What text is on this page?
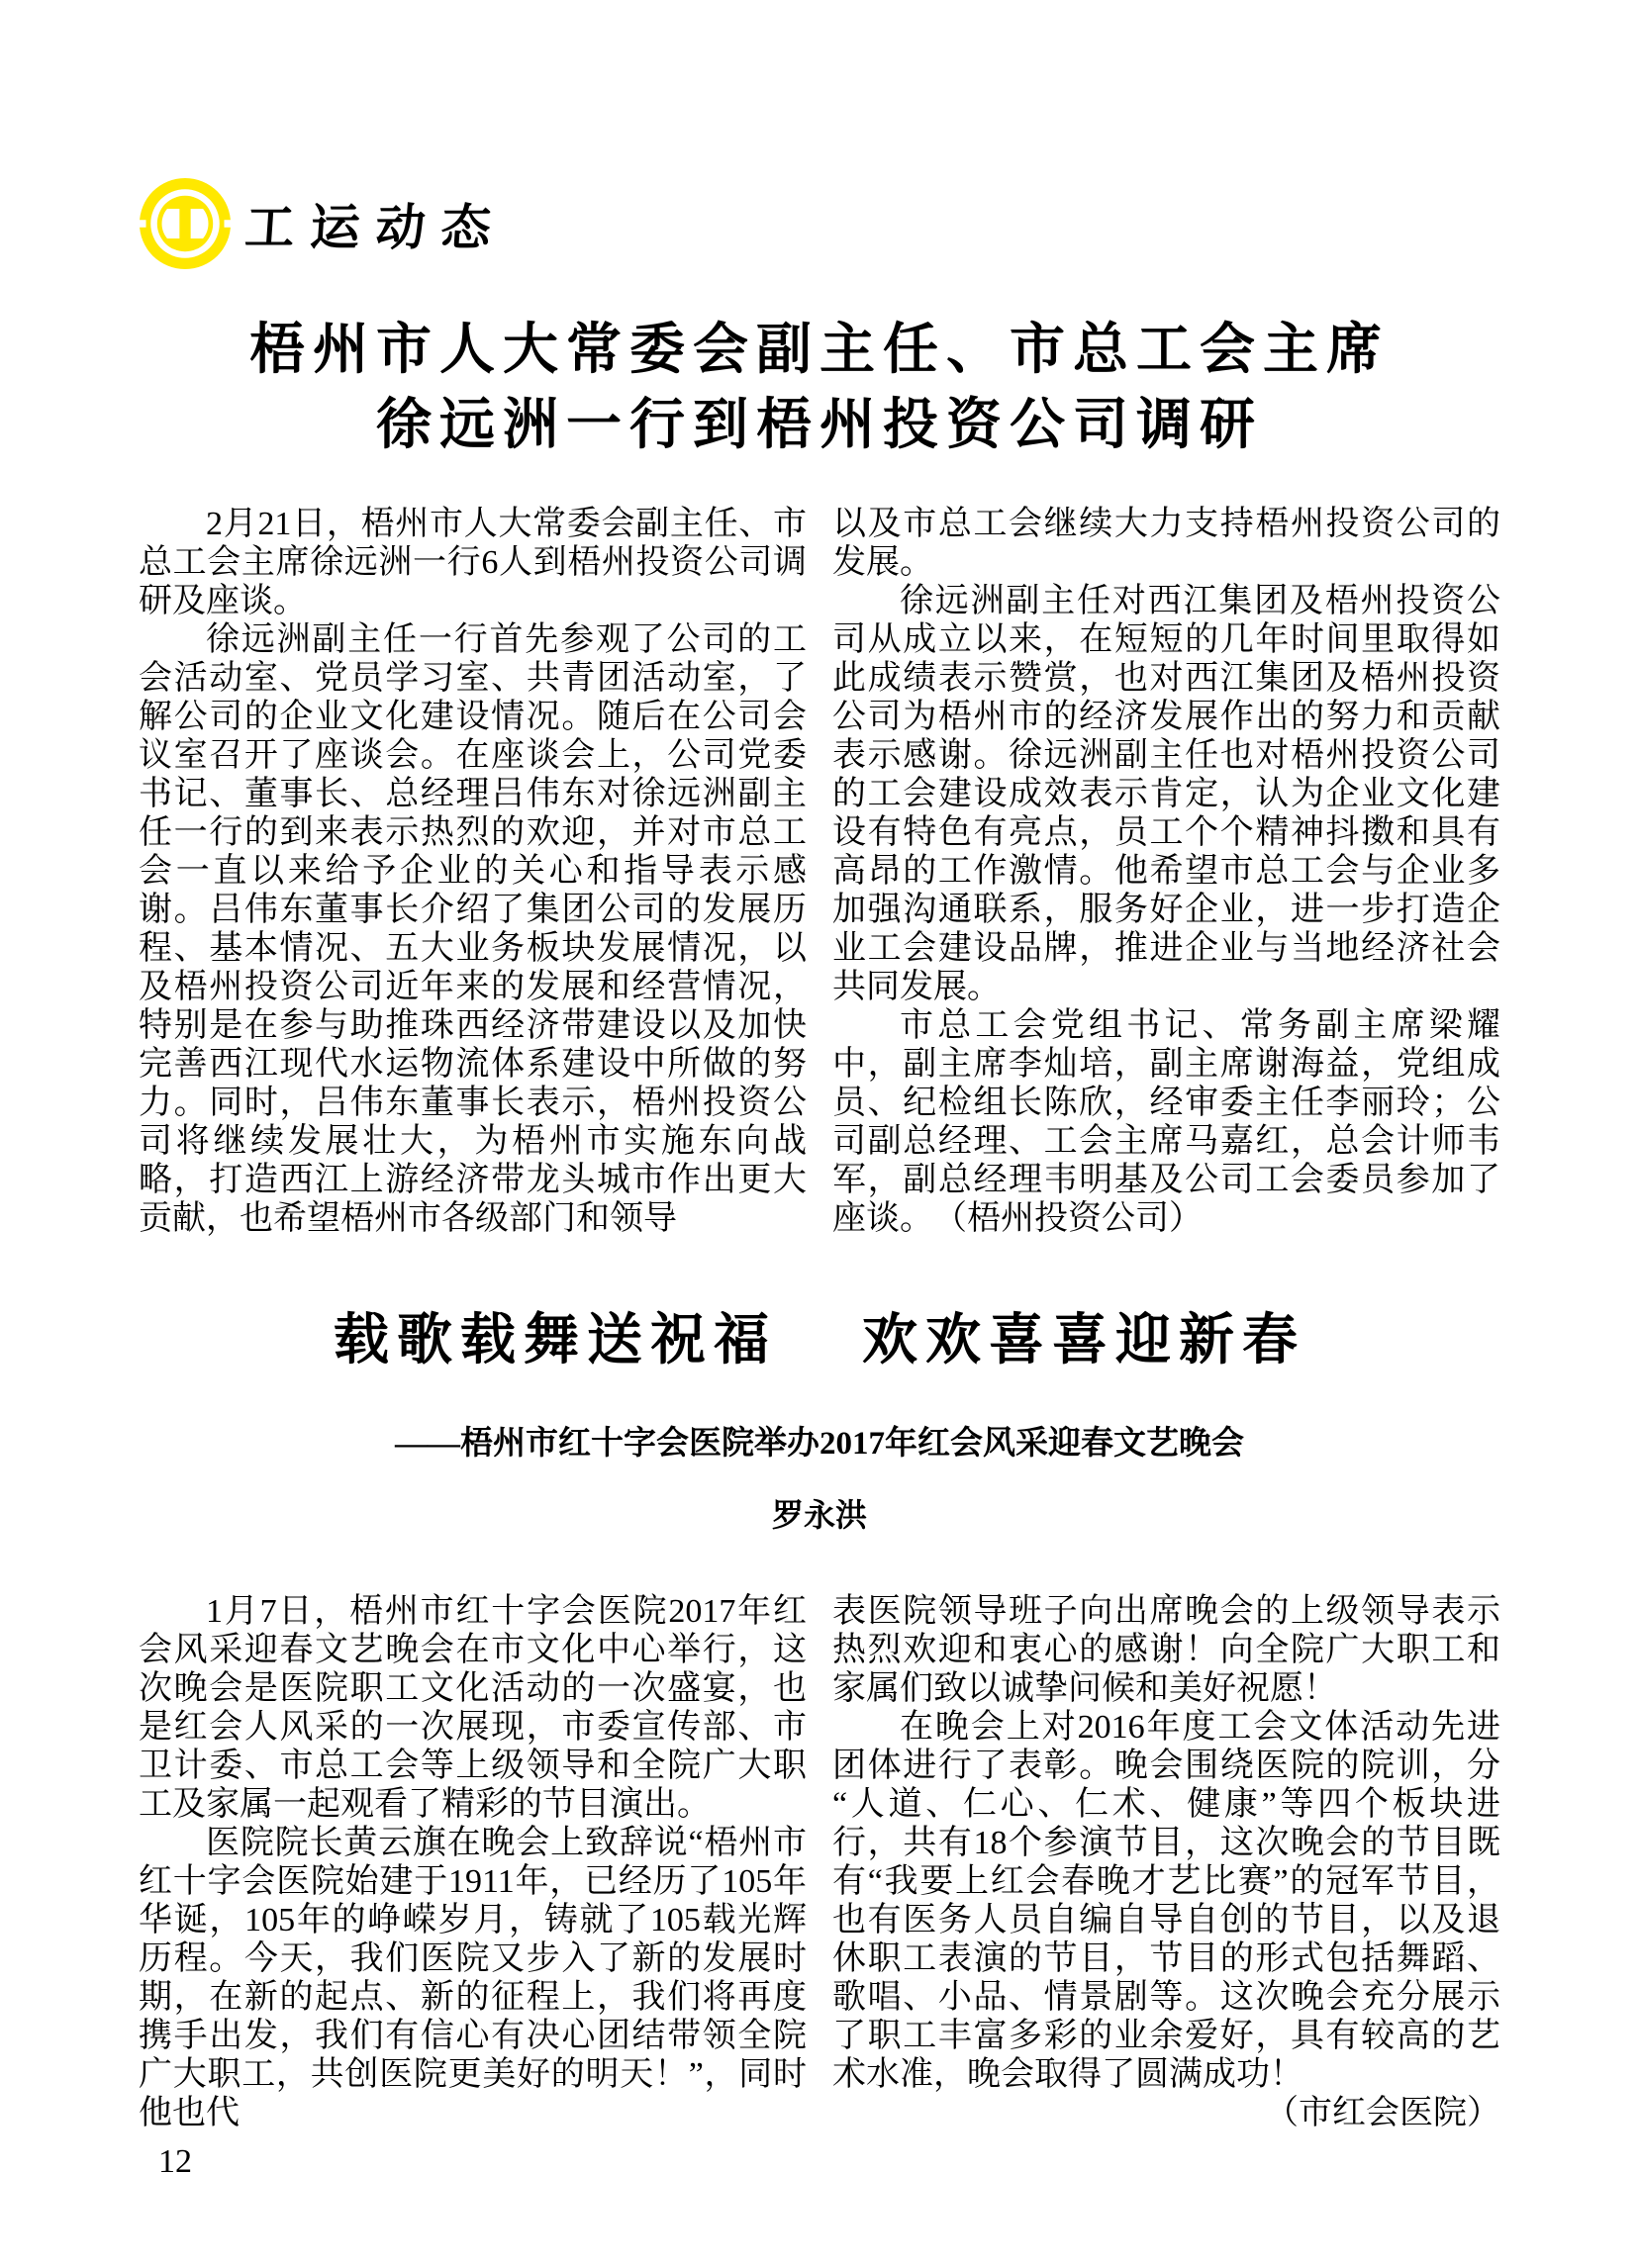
工运动态
梧州市人大常委会副主任、市总工会主席
徐远洲一行到梧州投资公司调研

2月21日，梧州市人大常委会副主任、市总工会主席徐远洲一行6人到梧州投资公司调研及座谈。

徐远洲副主任一行首先参观了公司的工会活动室、党员学习室、共青团活动室，了解公司的企业文化建设情况。随后在公司会议室召开了座谈会。在座谈会上，公司党委书记、董事长、总经理吕伟东对徐远洲副主任一行的到来表示热烈的欢迎，并对市总工会一直以来给予企业的关心和指导表示感谢。吕伟东董事长介绍了集团公司的发展历程、基本情况、五大业务板块发展情况，以及梧州投资公司近年来的发展和经营情况，特别是在参与助推珠西经济带建设以及加快完善西江现代水运物流体系建设中所做的努力。同时，吕伟东董事长表示，梧州投资公司将继续发展壮大，为梧州市实施东向战略，打造西江上游经济带龙头城市作出更大贡献，也希望梧州市各级部门和领导

以及市总工会继续大力支持梧州投资公司的发展。

徐远洲副主任对西江集团及梧州投资公司从成立以来，在短短的几年时间里取得如此成绩表示赞赏，也对西江集团及梧州投资公司为梧州市的经济发展作出的努力和贡献表示感谢。徐远洲副主任也对梧州投资公司的工会建设成效表示肯定，认为企业文化建设有特色有亮点，员工个个精神抖擞和具有高昂的工作激情。他希望市总工会与企业多加强沟通联系，服务好企业，进一步打造企业工会建设品牌，推进企业与当地经济社会共同发展。

市总工会党组书记、常务副主席梁耀中，副主席李灿培，副主席谢海益，党组成员、纪检组长陈欣，经审委主任李丽玲；公司副总经理、工会主席马嘉红，总会计师韦军，副总经理韦明基及公司工会委员参加了座谈。　（梧州投资公司）

载歌载舞送祝福　 欢欢喜喜迎新春
——梧州市红十字会医院举办2017年红会风采迎春文艺晚会
罗永洪

1月7日，梧州市红十字会医院2017年红会风采迎春文艺晚会在市文化中心举行，这次晚会是医院职工文化活动的一次盛宴，也是红会人风采的一次展现，市委宣传部、市卫计委、市总工会等上级领导和全院广大职工及家属一起观看了精彩的节目演出。

医院院长黄云旗在晚会上致辞说“梧州市红十字会医院始建于1911年，已经历了105年华诞，105年的峥嵘岁月，铸就了105载光辉历程。今天，我们医院又步入了新的发展时期，在新的起点、新的征程上，我们将再度携手出发，我们有信心有决心团结带领全院广大职工，共创医院更美好的明天！”，同时他也代

表医院领导班子向出席晚会的上级领导表示热烈欢迎和衷心的感谢！向全院广大职工和家属们致以诚挚问候和美好祝愿！

在晚会上对2016年度工会文体活动先进团体进行了表彰。晚会围绕医院的院训，分“人道、仁心、仁术、健康”等四个板块进行，共有18个参演节目，这次晚会的节目既有“我要上红会春晚才艺比赛”的冠军节目，也有医务人员自编自导自创的节目，以及退休职工表演的节目，节目的形式包括舞蹈、歌唱、小品、情景剧等。这次晚会充分展示了职工丰富多彩的业余爱好，具有较高的艺术水准，晚会取得了圆满成功！

（市红会医院）

12
